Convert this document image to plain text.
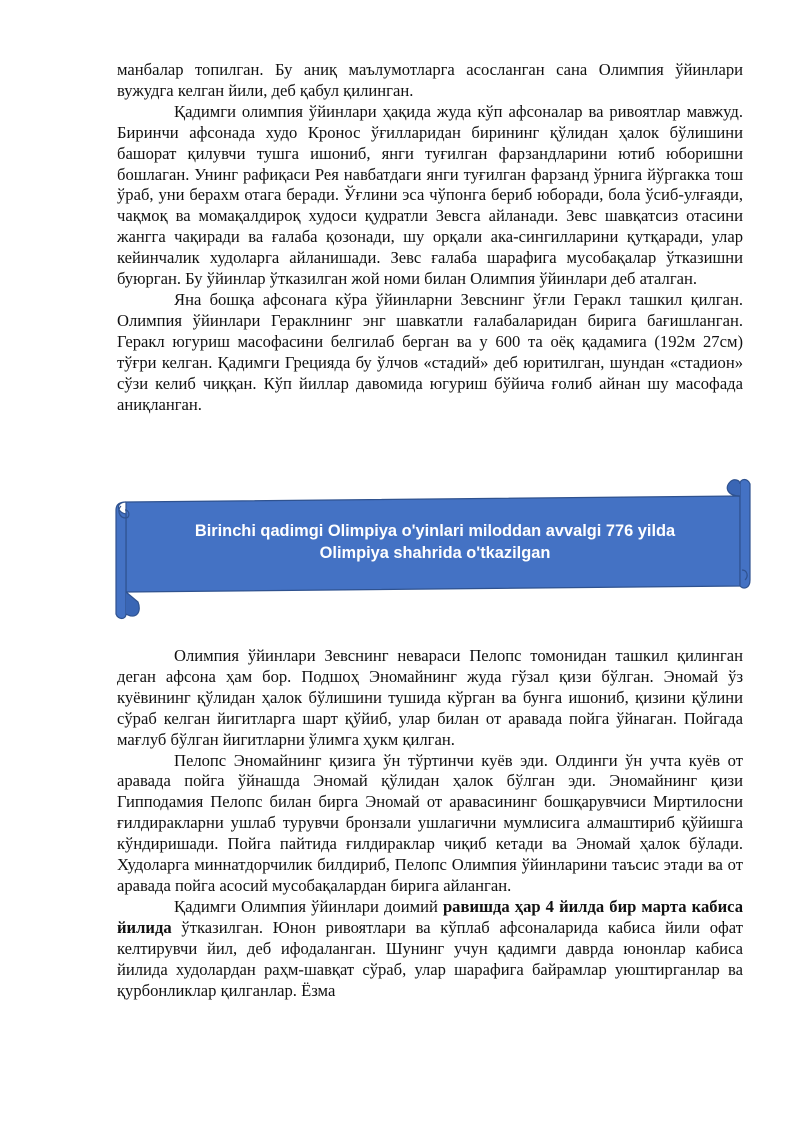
манбалар топилган. Бу аниқ маълумотларга асосланган сана Олимпия ўйинлари вужудга келган йили, деб қабул қилинган.

Қадимги олимпия ўйинлари ҳақида жуда кўп афсоналар ва ривоятлар мавжуд. Биринчи афсонада худо Кронос ўғилларидан бирининг қўлидан ҳалок бўлишини башорат қилувчи тушга ишониб, янги туғилган фарзандларини ютиб юборишни бошлаган. Унинг рафиқаси Рея навбатдаги янги туғилган фарзанд ўрнига йўргакка тош ўраб, уни берахм отага беради. Ўғлини эса чўпонга бериб юборади, бола ўсиб-улғаяди, чақмоқ ва момақалдироқ худоси қудратли Зевсга айланади. Зевс шавқатсиз отасини жангга чақиради ва ғалаба қозонади, шу орқали ака-сингилларини қутқаради, улар кейинчалик худоларга айланишади. Зевс ғалаба шарафига мусобақалар ўтказишни буюрган. Бу ўйинлар ўтказилган жой номи билан Олимпия ўйинлари деб аталган.

Яна бошқа афсонага кўра ўйинларни Зевснинг ўғли Геракл ташкил қилган. Олимпия ўйинлари Гераклнинг энг шавкатли ғалабаларидан бирига бағишланган. Геракл югуриш масофасини белгилаб берган ва у 600 та оёқ қадамига (192м 27см) тўғри келган. Қадимги Грецияда бу ўлчов «стадий» деб юритилган, шундан «стадион» сўзи келиб чиққан. Кўп йиллар давомида югуриш бўйича ғолиб айнан шу масофада аниқланган.

Birinchi qadimgi Olimpiya o'yinlari miloddan avvalgi 776 yilda
Olimpiya shahrida o'tkazilgan

Олимпия ўйинлари Зевснинг невараси Пелопс томонидан ташкил қилинган деган афсона ҳам бор. Подшоҳ Эномайнинг жуда гўзал қизи бўлган. Эномай ўз куёвининг қўлидан ҳалок бўлишини тушида кўрган ва бунга ишониб, қизини қўлини сўраб келган йигитларга шарт қўйиб, улар билан от аравада пойга ўйнаган. Пойгада мағлуб бўлган йигитларни ўлимга ҳукм қилган.

Пелопс Эномайнинг қизига ўн тўртинчи куёв эди. Олдинги ўн учта куёв от аравада пойга ўйнашда Эномай қўлидан ҳалок бўлган эди. Эномайнинг қизи Гипподамия Пелопс билан бирга Эномай от аравасининг бошқарувчиси Миртилосни ғилдиракларни ушлаб турувчи бронзали ушлагични мумлисига алмаштириб қўйишга кўндиришади. Пойга пайтида ғилдираклар чиқиб кетади ва Эномай ҳалок бўлади. Худоларга миннатдорчилик билдириб, Пелопс Олимпия ўйинларини таъсис этади ва от аравада пойга асосий мусобақалардан бирига айланган.

Қадимги Олимпия ўйинлари доимий равишда ҳар 4 йилда бир марта кабиса йилида ўтказилган. Юнон ривоятлари ва кўплаб афсоналарида кабиса йили офат келтирувчи йил, деб ифодаланган. Шунинг учун қадимги даврда юнонлар кабиса йилида худолардан раҳм-шавқат сўраб, улар шарафига байрамлар уюштирганлар ва қурбонликлар қилганлар. Ёзма
